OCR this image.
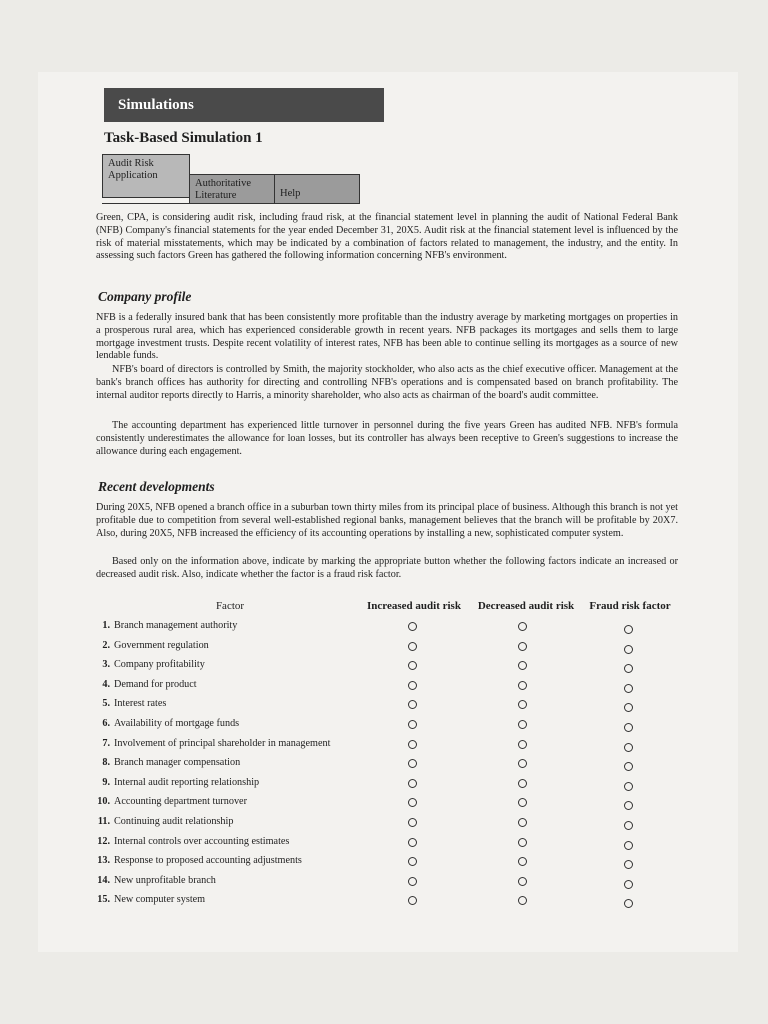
Simulations
Task-Based Simulation 1
Audit Risk Application
Authoritative Literature	Help

Green, CPA, is considering audit risk, including fraud risk, at the financial statement level in planning the audit of National Federal Bank (NFB) Company's financial statements for the year ended December 31, 20X5. Audit risk at the financial statement level is influenced by the risk of material misstatements, which may be indicated by a combination of factors related to management, the industry, and the entity. In assessing such factors Green has gathered the following information concerning NFB's environment.

Company profile

NFB is a federally insured bank that has been consistently more profitable than the industry average by marketing mortgages on properties in a prosperous rural area, which has experienced considerable growth in recent years. NFB packages its mortgages and sells them to large mortgage investment trusts. Despite recent volatility of interest rates, NFB has been able to continue selling its mortgages as a source of new lendable funds.

NFB's board of directors is controlled by Smith, the majority stockholder, who also acts as the chief executive officer. Management at the bank's branch offices has authority for directing and controlling NFB's operations and is compensated based on branch profitability. The internal auditor reports directly to Harris, a minority shareholder, who also acts as chairman of the board's audit committee.

The accounting department has experienced little turnover in personnel during the five years Green has audited NFB. NFB's formula consistently underestimates the allowance for loan losses, but its controller has always been receptive to Green's suggestions to increase the allowance during each engagement.

Recent developments

During 20X5, NFB opened a branch office in a suburban town thirty miles from its principal place of business. Although this branch is not yet profitable due to competition from several well-established regional banks, management believes that the branch will be profitable by 20X7. Also, during 20X5, NFB increased the efficiency of its accounting operations by installing a new, sophisticated computer system.

Based only on the information above, indicate by marking the appropriate button whether the following factors indicate an increased or decreased audit risk. Also, indicate whether the factor is a fraud risk factor.

Factor	Increased audit risk	Decreased audit risk	Fraud risk factor
1. Branch management authority
2. Government regulation
3. Company profitability
4. Demand for product
5. Interest rates
6. Availability of mortgage funds
7. Involvement of principal shareholder in management
8. Branch manager compensation
9. Internal audit reporting relationship
10. Accounting department turnover
11. Continuing audit relationship
12. Internal controls over accounting estimates
13. Response to proposed accounting adjustments
14. New unprofitable branch
15. New computer system
